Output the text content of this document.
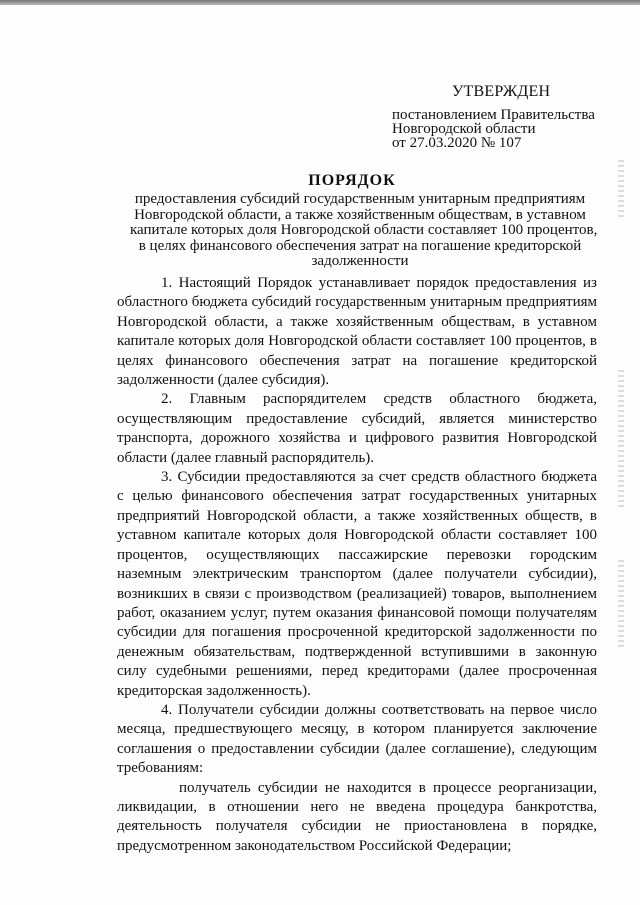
УТВЕРЖДЕН
постановлением Правительства
Новгородской области
от 27.03.2020 № 107
ПОРЯДОК
предоставления субсидий государственным унитарным предприятиям
Новгородской области, а также хозяйственным обществам, в уставном
капитале которых доля Новгородской области составляет 100 процентов,
в целях финансового обеспечения затрат на погашение кредиторской
задолженности

1. Настоящий Порядок устанавливает порядок предоставления из областного бюджета субсидий государственным унитарным предприятиям Новгородской области, а также хозяйственным обществам, в уставном капитале которых доля Новгородской области составляет 100 процентов, в целях финансового обеспечения затрат на погашение кредиторской задолженности (далее субсидия).

2. Главным распорядителем средств областного бюджета, осуществляющим предоставление субсидий, является министерство транспорта, дорожного хозяйства и цифрового развития Новгородской области (далее главный распорядитель).

3. Субсидии предоставляются за счет средств областного бюджета с целью финансового обеспечения затрат государственных унитарных предприятий Новгородской области, а также хозяйственных обществ, в уставном капитале которых доля Новгородской области составляет 100 процентов, осуществляющих пассажирские перевозки городским наземным электрическим транспортом (далее получатели субсидии), возникших в связи с производством (реализацией) товаров, выполнением работ, оказанием услуг, путем оказания финансовой помощи получателям субсидии для погашения просроченной кредиторской задолженности по денежным обязательствам, подтвержденной вступившими в законную силу судебными решениями, перед кредиторами (далее просроченная кредиторская задолженность).

4. Получатели субсидии должны соответствовать на первое число месяца, предшествующего месяцу, в котором планируется заключение соглашения о предоставлении субсидии (далее соглашение), следующим требованиям:

получатель субсидии не находится в процессе реорганизации, ликвидации, в отношении него не введена процедура банкротства, деятельность получателя субсидии не приостановлена в порядке, предусмотренном законодательством Российской Федерации;
